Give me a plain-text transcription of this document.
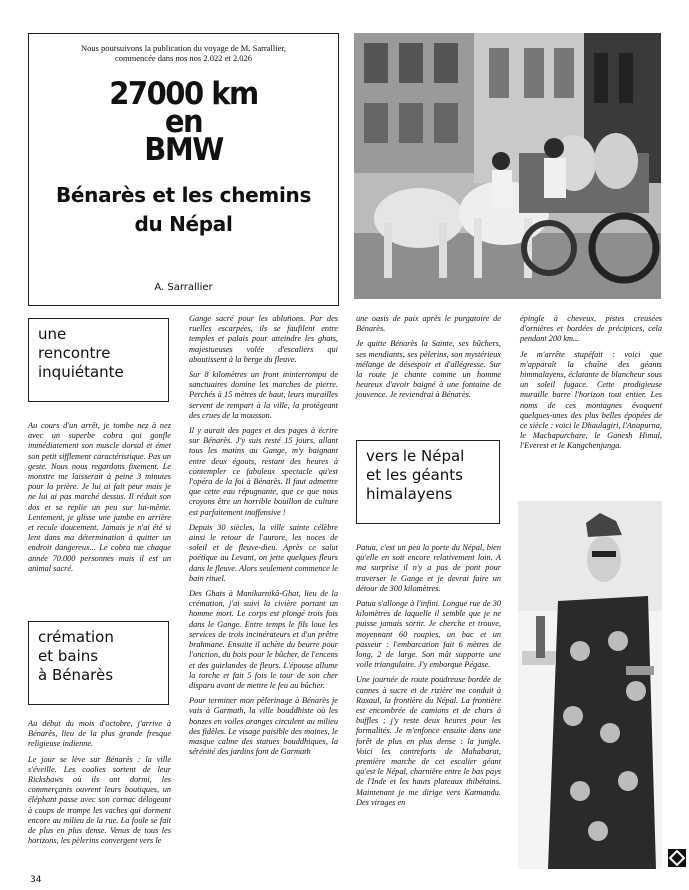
Nous poursuivons la publication du voyage de M. Sarrallier, commencée dans nos nos 2.022 et 2.026
27000 km
en
BMW
Bénarès et les chemins
du Népal
A. Sarrallier
une
rencontre
inquiétante

Au cours d'un arrêt, je tombe nez à nez avec un superbe cobra qui gonfle immédiatement son muscle dorsal et émet son petit sifflement caractéristique. Pas un geste. Nous nous regardons fixement. Le monstre me laisserait à peine 3 minutes pour la prière. Je lui ai fait peur mais je ne lui ai pas marché dessus. Il réduit son dos et se replie un peu sur lui-même. Lentement, je glisse une jambe en arrière et recule doucement. Jamais je n'ai été si lent dans ma détermination à quitter un endroit dangereux... Le cobra tue chaque année 70.000 personnes mais il est un animal sacré.

crémation
et bains
à Bénarès

Au début du mois d'octobre, j'arrive à Bénarès, lieu de la plus grande fresque religieuse indienne.

Le jour se lève sur Bénarès : la ville s'éveille. Les coolies sortent de leur Rickshaws où ils ont dormi, les commerçants ouvrent leurs boutiques, un éléphant passe avec son cornac délogeant à coups de trompe les vaches qui dorment encore au milieu de la rue. La foule se fait de plus en plus dense. Venus de tous les horizons, les pèlerins convergent vers le

Gange sacré pour les ablutions. Par des ruelles escarpées, ils se faufilent entre temples et palais pour atteindre les ghats, majestueuses volée d'escaliers qui aboutissent à la berge du fleuve.

Sur 8 kilomètres un front ininterrompu de sanctuaires domine les marches de pierre. Perchés à 15 mètres de haut, leurs murailles servent de rempart à la ville, la protégeant des crues de la mousson.

Il y aurait des pages et des pages à écrire sur Bénarès. J'y suis resté 15 jours, allant tous les matins au Gange, m'y baignant entre deux égouts, restant des heures à contempler ce fabuleux spectacle qu'est l'opéra de la foi à Bénarès. Il faut admettre que cette eau répugnante, que ce que nous croyons être un horrible bouillon de culture est parfaitement inoffensive !

Depuis 30 siècles, la ville sainte célèbre ainsi le retour de l'aurore, les noces de soleil et de fleuve-dieu. Après ce salut poétique au Levant, on jette quelques fleurs dans le fleuve. Alors seulement commence le bain rituel.

Des Ghats à Manikarnikâ-Ghat, lieu de la crémation, j'ai suivi la civière portant un homme mort. Le corps est plongé trois fois dans le Gange. Entre temps le fils loue les services de trois incinérateurs et d'un prêtre brahmane. Ensuite il achète du beurre pour l'onction, du bois pour le bûcher, de l'encens et des guirlandes de fleurs. L'épouse allume la torche et fait 5 fois le tour de son cher disparu avant de mettre le feu au bûcher.

Pour terminer mon pèlerinage à Bénarès je vais à Garmath, la ville bouddhiste où les bonzes en voiles oranges circulent au milieu des fidèles. Le visage paisible des moines, le masque calme des statues bouddhiques, la sérénité des jardins font de Garmath

une oasis de paix après le purgatoire de Bénarès.

Je quitte Bénarès la Sainte, ses bûchers, ses mendiants, ses pèlerins, son mystérieux mélange de désespoir et d'allégresse. Sur la route je chante comme un homme heureux d'avoir baigné à une fontaine de jouvence. Je reviendrai à Bénarès.

vers le Népal
et les géants
himalayens

Patua, c'est un peu la porte du Népal, bien qu'elle en soit encore relativement loin. A ma surprise il n'y a pas de pont pour traverser le Gange et je devrai faire un détour de 300 kilomètres.

Patua s'allonge à l'infini. Longue rue de 30 kilomètres de laquelle il semble que je ne puisse jamais sortir. Je cherche et trouve, moyennant 60 roupies, un bac et un passeur : l'embarcation fait 6 mètres de long, 2 de large. Son mât supporte une voile triangulaire. J'y embarque Pégase.

Une journée de route poudreuse bordée de cannes à sucre et de rizière me conduit à Raxaul, la frontière du Népal. La frontière est encombrée de camions et de chars à buffles ; j'y reste deux heures pour les formalités. Je m'enfonce ensuite dans une forêt de plus en plus dense : la jungle. Voici les contreforts de Mahabarat, première marche de cet escalier géant qu'est le Népal, charnière entre le bas pays de l'Inde et les hauts plateaux thibétains. Maintenant je me dirige vers Katmandu. Des virages en

épingle à cheveux, pistes creusées d'ornières et bordées de précipices, cela pendant 200 km...

Je m'arrête stupéfait : voici que m'apparaît la chaîne des géants himmalayens, éclatante de blancheur sous un soleil fugace. Cette prodigieuse muraille barre l'horizon tout entier. Les noms de ces montagnes évoquent quelques-unes des plus belles épopées de ce siècle : voici le Dhaulagiri, l'Anapurna, le Machapurchare, le Ganesh Himal, l'Everest et le Kangchenjunga.

34
